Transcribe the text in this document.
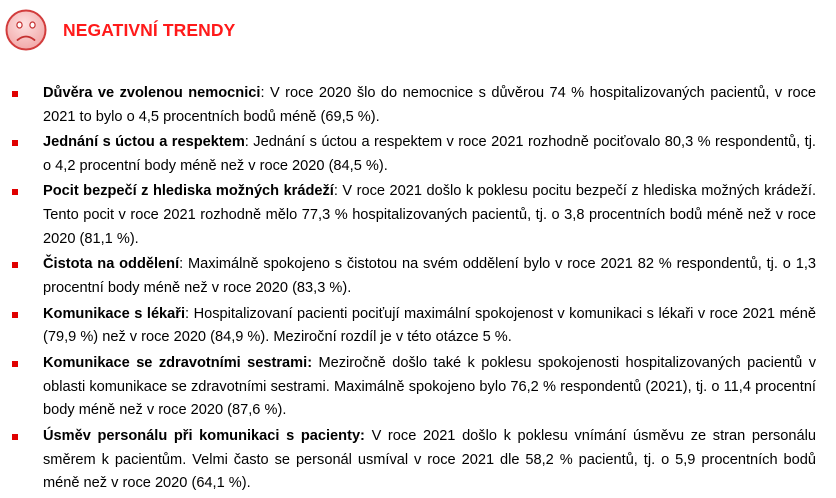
NEGATIVNÍ TRENDY
Důvěra ve zvolenou nemocnici: V roce 2020 šlo do nemocnice s důvěrou 74 % hospitalizovaných pacientů, v roce 2021 to bylo o 4,5 procentních bodů méně (69,5 %).
Jednání s úctou a respektem: Jednání s úctou a respektem v roce 2021 rozhodně pociťovalo 80,3 % respondentů, tj. o 4,2 procentní body méně než v roce 2020 (84,5 %).
Pocit bezpečí z hlediska možných krádeží: V roce 2021 došlo k poklesu pocitu bezpečí z hlediska možných krádeží. Tento pocit v roce 2021 rozhodně mělo 77,3 % hospitalizovaných pacientů, tj. o 3,8 procentních bodů méně než v roce 2020 (81,1 %).
Čistota na oddělení: Maximálně spokojeno s čistotou na svém oddělení bylo v roce 2021 82 % respondentů, tj. o 1,3 procentní body méně než v roce 2020 (83,3 %).
Komunikace s lékaři: Hospitalizovaní pacienti pociťují maximální spokojenost v komunikaci s lékaři v roce 2021 méně (79,9 %) než v roce 2020 (84,9 %). Meziroční rozdíl je v této otázce 5 %.
Komunikace se zdravotními sestrami: Meziročně došlo také k poklesu spokojenosti hospitalizovaných pacientů v oblasti komunikace se zdravotními sestrami. Maximálně spokojeno bylo 76,2 % respondentů (2021), tj. o 11,4 procentní body méně než v roce 2020 (87,6 %).
Úsměv personálu při komunikaci s pacienty: V roce 2021 došlo k poklesu vnímání úsměvu ze stran personálu směrem k pacientům. Velmi často se personál usmíval v roce 2021 dle 58,2 % pacientů, tj. o 5,9 procentních bodů méně než v roce 2020 (64,1 %).
